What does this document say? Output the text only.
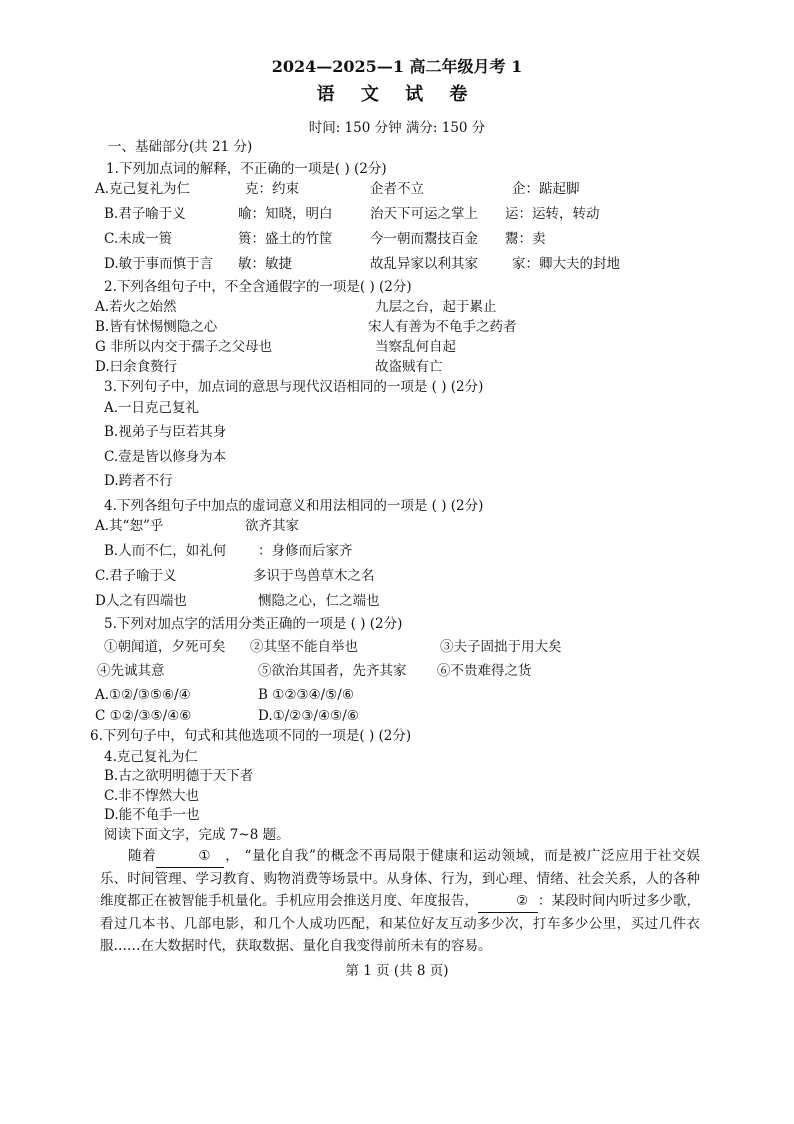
2024—2025—1 高二年级月考 1
语 文 试 卷
时间: 150 分钟 满分: 150 分
一、基础部分(共 21 分)
1.下列加点词的解释，不正确的一项是( ) (2分)
A.克己复礼为仁	克：约束	企者不立	企：踮起脚
B.君子喻于义	喻：知晓，明白	治天下可运之掌上 运：运转，转动
C.未成一篑	篑：盛土的竹筐	今一朝而鬻技百金 鬻：卖
D.敏于事而慎于言 敏：敏捷	故乱异家以利其家	家：卿大夫的封地
2.下列各组句子中，不全含通假字的一项是( ) (2分)
A.若火之始然	九层之台，起于累止
B.皆有怵惕恻隐之心	宋人有善为不龟手之药者
G 非所以内交于孺子之父母也	当察乱何自起
D.曰余食赘行	故盗贼有亡
3.下列句子中，加点词的意思与现代汉语相同的一项是 ( ) (2分)
A.一日克己复礼
B.视弟子与臣若其身
C.壹是皆以修身为本
D.跨者不行
4.下列各组句子中加点的虚词意义和用法相同的一项是 ( ) (2分)
A.其“恕”乎	欲齐其家
B.人而不仁，如礼何 ：身修而后家齐
C.君子喻于义	多识于鸟兽草木之名
D人之有四端也	恻隐之心，仁之端也
5.下列对加点字的活用分类正确的一项是 ( ) (2分)
①朝闻道，夕死可矣 ②其坚不能自举也	③夫子固拙于用大矣
④先诚其意	⑤欲治其国者，先齐其家 ⑥不贵难得之货
A.①②/③⑤⑥/④	B ①②③④/⑤/⑥
C ①②/③⑤/④⑥	D.①/②③/④⑤/⑥
6.下列句子中，句式和其他选项不同的一项是( ) (2分)
4.克己复礼为仁
B.古之欲明明德于天下者
C.非不惸然大也
D.能不龟手一也
阅读下面文字，完成 7~8 题。
随着	① ， “量化自我”的概念不再局限于健康和运动领域，而是被广泛应用于社交娱乐、时间管理、学习教育、购物消费等场景中。从身体、行为，到心理、情绪、社会关系，人的各种维度都正在被智能手机量化。手机应用会推送月度、年度报告，	② ：某段时间内听过多少歌，看过几本书、几部电影，和几个人成功匹配，和某位好友互动多少次，打车多少公里，买过几件衣服……在大数据时代，获取数据、量化自我变得前所未有的容易。
第 1 页 (共 8 页)
